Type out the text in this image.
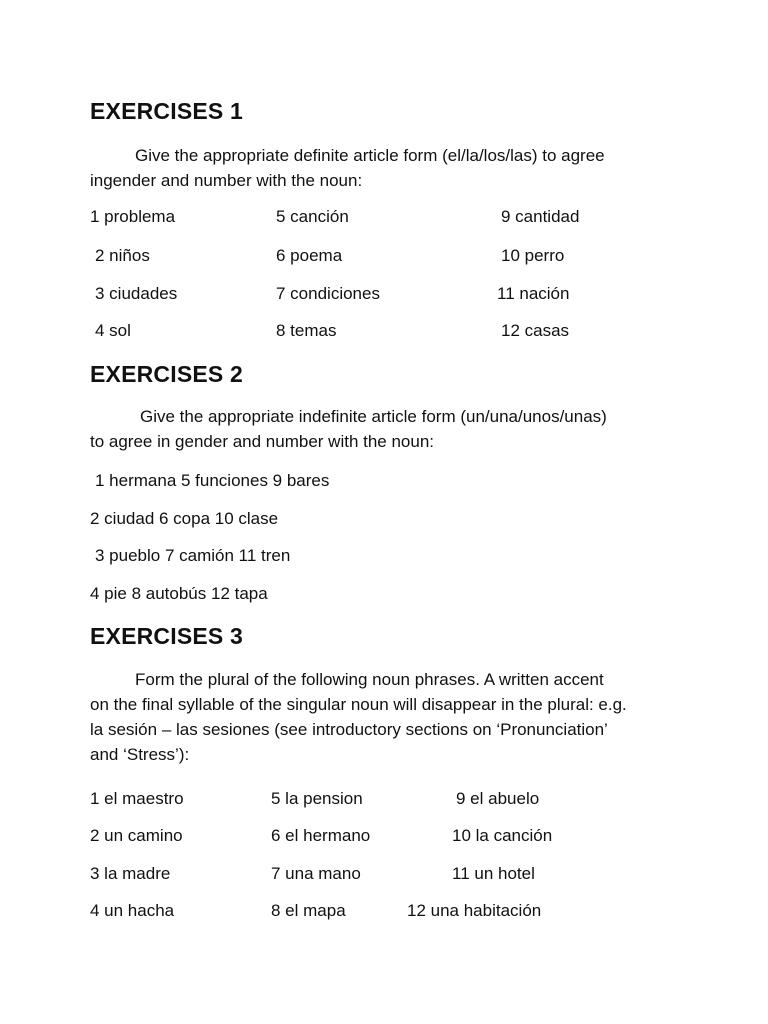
EXERCISES 1
Give the appropriate definite article form (el/la/los/las) to agree
ingender and number with the noun:
1 problema	5 canción	9 cantidad
2 niños	6 poema	10 perro
3 ciudades	7 condiciones	11 nación
4 sol	8 temas	12 casas
EXERCISES 2
Give the appropriate indefinite article form (un/una/unos/unas)
to agree in gender and number with the noun:
1 hermana 5 funciones 9 bares
2 ciudad 6 copa 10 clase
3 pueblo 7 camión 11 tren
4 pie 8 autobús 12 tapa
EXERCISES 3
Form the plural of the following noun phrases. A written accent
on the final syllable of the singular noun will disappear in the plural: e.g.
la sesión – las sesiones (see introductory sections on ‘Pronunciation’
and ‘Stress’):
1 el maestro	5 la pension	9 el abuelo
2 un camino	6 el hermano	10 la canción
3 la madre	7 una mano	11 un hotel
4 un hacha	8 el mapa	12 una habitación
